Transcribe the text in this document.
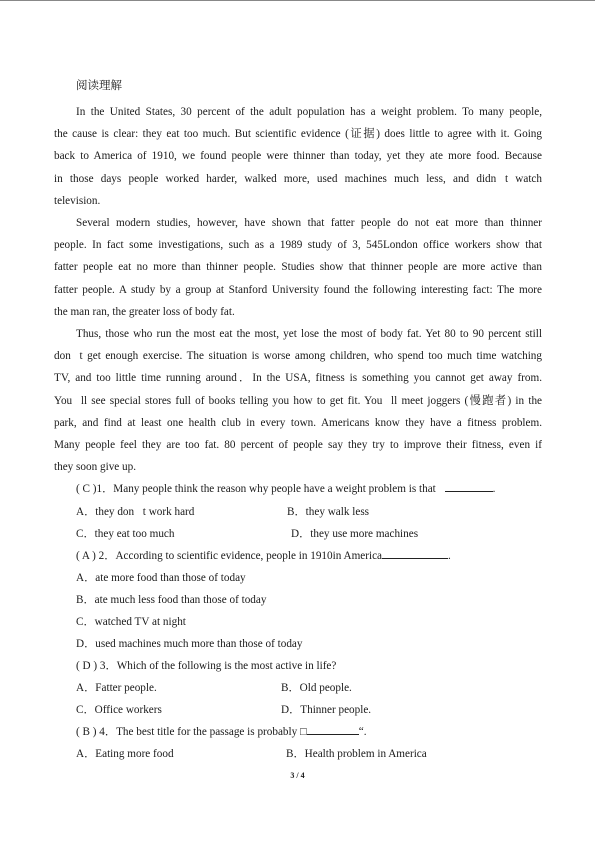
阅读理解
In the United States, 30 percent of the adult population has a weight problem. To many people,
the cause is clear: they eat too much. But scientific evidence (证据) does little to agree with it. Going
back to America of 1910, we found people were thinner than today, yet they ate more food. Because
in those days people worked harder, walked more, used machines much less, and didn t watch
television.
Several modern studies, however, have shown that fatter people do not eat more than thinner
people. In fact some investigations, such as a 1989 study of 3, 545London office workers show that
fatter people eat no more than thinner people. Studies show that thinner people are more active than
fatter people. A study by a group at Stanford University found the following interesting fact: The more
the man ran, the greater loss of body fat.
Thus, those who run the most eat the most, yet lose the most of body fat. Yet 80 to 90 percent still
don t get enough exercise. The situation is worse among children, who spend too much time watching
TV, and too little time running around．In the USA, fitness is something you cannot get away from.
You ll see special stores full of books telling you how to get fit. You ll meet joggers (慢跑者) in the
park, and find at least one health club in every town. Americans know they have a fitness problem.
Many people feel they are too fat. 80 percent of people say they try to improve their fitness, even if
they soon give up.
( C )1．Many people think the reason why people have a weight problem is that	.
A．they don t work hard	B．they walk less
C．they eat too much	D．they use more machines
( A ) 2．According to scientific evidence, people in 1910in America	.
A．ate more food than those of today
B．ate much less food than those of today
C．watched TV at night
D．used machines much more than those of today
( D ) 3．Which of the following is the most active in life?
A．Fatter people.	B．Old people.
C．Office workers	D．Thinner people.
( B ) 4．The best title for the passage is probably □	“.
A．Eating more food	B．Health problem in America
3 / 4
